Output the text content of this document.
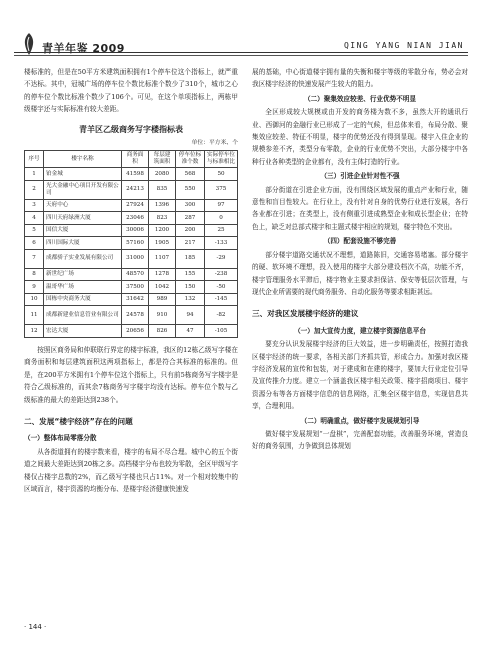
青羊年鉴 2009	QING YANG NIAN JIAN

楼标准的，但是在50平方米建筑面积拥有1个停车位这个指标上，就严重不达标。其中，冠城广场的停车位个数比标准个数少了310个，城市之心的停车位个数比标准个数少了106个。可见，在这个单项指标上，两栋甲级楼宇还与实际标准有较大差距。

青羊区乙级商务写字楼指标表
单位：平方米、个
序号	楼宇名称	商务面积	每层建筑面积	停车位标准个数	实际停车位与标准相比
1	铂金城	41598	2080	568	50
2	光大金融中心项目开发有限公司	24213	835	550	375
3	天府中心	27924	1396	300	97
4	四川天府绿洲大厦	23046	823	287	0
5	国信大厦	30006	1200	200	25
6	四川国际大厦	57160	1905	217	-133
7	成都骄子实业发展有限公司	31000	1107	185	-29
8	新世纪广场	48570	1278	155	-238
9	温哥华广场	37500	1042	150	-50
10	国栋中央商务大厦	31642	989	132	-145
11	成都新建业信息管业有限公司	24578	910	94	-82
12	宏达大厦	20656	826	47	-105

按照区商务局和仲联联行界定的楼宇标准，我区的12栋乙级写字楼在商务面积和每层建筑面积这两项指标上，都是符合其标准的标准的。但是，在200平方米拥有1个停车位这个指标上，只有前5栋商务写字楼宇是符合乙级标准的，而其余7栋商务写字楼宇均没有达标。停车位个数与乙级标准的最大的差距达到238个。

二、发展“楼宇经济”存在的问题
（一）整体布局零落分散

从各街道拥有的楼宇数来看，楼宇的布局不尽合理。城中心的五个街道之间最大差距达到20栋之多。高档楼宇分布也较为零散，全区甲级写字楼仅占楼宇总数的2%，而乙级写字楼也只占11%。对一个相对较集中的区域而言，楼宇资源的均衡分布、是楼宇经济健康快速发

展的基础，中心街道楼宇拥有量的失衡和楼宇等级的零散分布，势必会对我区楼宇经济的快速发展产生较大的阻力。

（二）聚集效应较差、行业优势不明显

全区形成较大规模或由开发的商务楼为数不多，虽然大开的通讯行业、西御河的金融行业已形成了一定的气候，但总体来看，布局分散、聚集效应较差、特征不明显，楼宇的优势还没有得到显现。楼宇入住企业的规模参差不齐，类型分布零散，企业的行业优势不突出，大部分楼宇中各种行业各种类型的企业都有，没有主体打造的行业。

（三）引进企业针对性不强

部分街道在引进企业方面，没有围绕区域发展的重点产业和行业，随意性和盲目性较大。在行业上，没有针对自身的优势行业进行发展，各行各业都在引进；在类型上，没有侧重引进成熟型企业和成长型企业；在特色上，缺乏对总部式楼宇和主题式楼宇相应的规划，楼宇特色不突出。

（四）配套设施不够完善

部分楼宇道路交通状况不理想，道路陈旧，交通容易堵塞。部分楼宇的硬、软环境不理想，投入使用的楼宇大部分建设档次不高，功能不齐，楼宇管理服务水平滞后，楼宇物业主要求担保洁、保安等低层次管理，与现代企业所需要的现代商务服务、自动化服务等要求相距甚远。

三、对我区发展楼宇经济的建议
（一）加大宣传力度，建立楼宇资源信息平台

要充分认识发展楼宇经济的巨大效益，进一步明确责任，按照打造我区楼宇经济的统一要求，各相关部门齐抓共管，形成合力。加强对我区楼宇经济发展的宣传和包装，对于建成和在建的楼宇，要加大行业定位引导及宣传推介力度。建立一个涵盖我区楼宇相关政策、楼宇招商项目、楼宇资源分布等各方面楼宇信息的信息网络，汇集全区楼宇信息，实现信息共享，合理利用。

（二）明确重点，做好楼宇发展规划引导

做好楼宇发展规划“一盘棋”，完善配套功能，改善服务环境，营造良好的商务氛围，力争做到总体规划

· 144 ·
